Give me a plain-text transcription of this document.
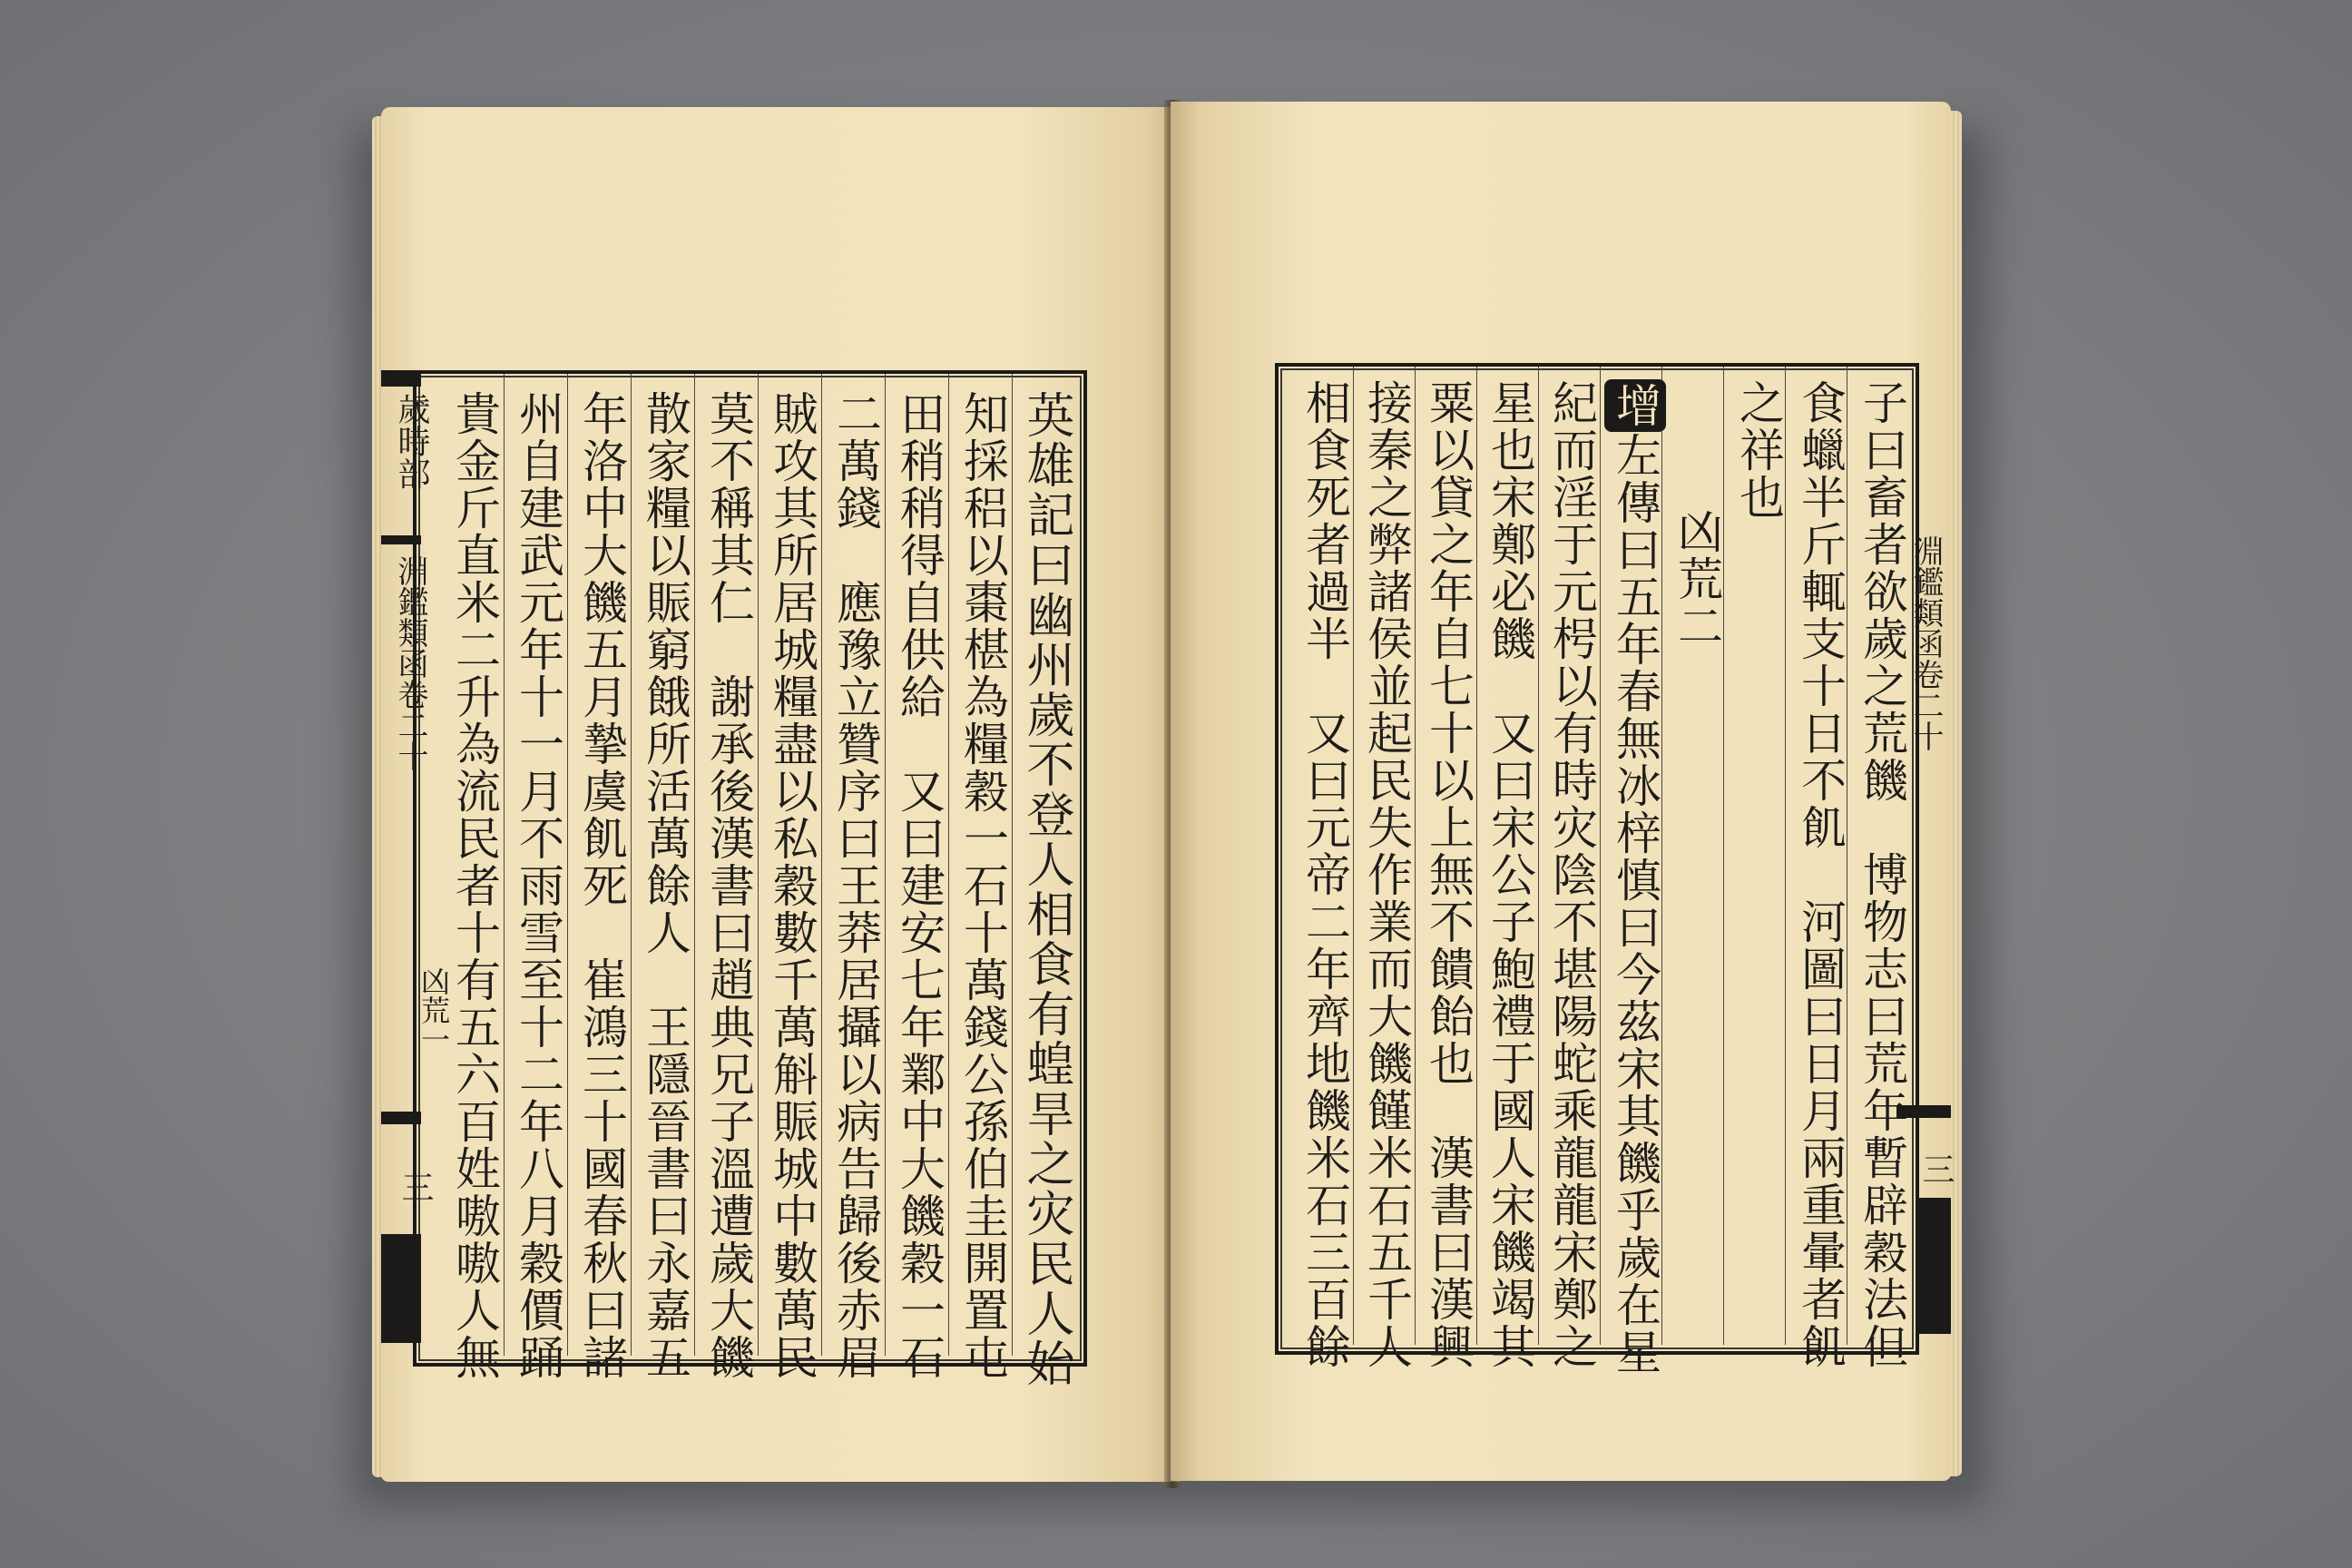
歲時部
淵鑑類函卷二十
凶荒一
三	英雄記曰幽州歲不登人相食有蝗旱之灾民人始
知採稆以棗椹為糧穀一石十萬錢公孫伯圭開置屯
田稍稍得自供給　又曰建安七年鄴中大饑穀一石
二萬錢　應豫立贊序曰王莽居攝以病告歸後赤眉
賊攻其所居城糧盡以私穀數千萬斛賑城中數萬民
莫不稱其仁　謝承後漢書曰趙典兄子溫遭歲大饑
散家糧以賑窮餓所活萬餘人　王隱晉書曰永嘉五
年洛中大饑五月摯虞飢死　崔鴻三十國春秋曰諸
州自建武元年十一月不雨雪至十二年八月穀價踊
貴金斤直米二升為流民者十有五六百姓嗷嗷人無	淵鑑類函卷二十
三
子曰畜者欲歲之荒饑　博物志曰荒年暫辟穀法但
食蠟半斤輒支十日不飢　河圖曰日月兩重暈者飢
之祥也
凶荒二
增左傳曰五年春無冰梓慎曰今茲宋其饑乎歲在星
紀而淫于元枵以有時灾陰不堪陽蛇乘龍龍宋鄭之
星也宋鄭必饑　又曰宋公子鮑禮于國人宋饑竭其
粟以貸之年自七十以上無不饋飴也　漢書曰漢興
接秦之弊諸侯並起民失作業而大饑饉米石五千人
相食死者過半　又曰元帝二年齊地饑米石三百餘
